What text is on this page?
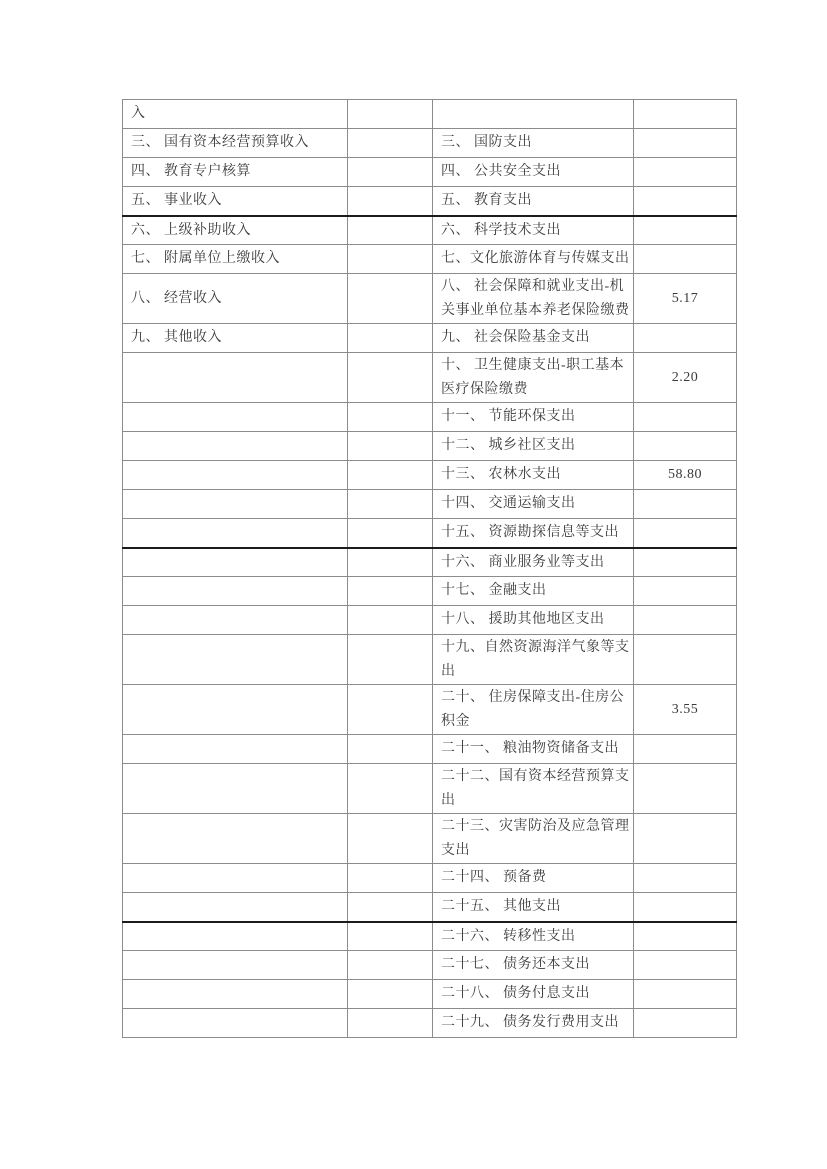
入			
三、 国有资本经营预算收入		三、 国防支出	
四、 教育专户核算		四、 公共安全支出	
五、 事业收入		五、 教育支出	
六、 上级补助收入		六、 科学技术支出	
七、 附属单位上缴收入		七、文化旅游体育与传媒支出	
八、 经营收入		八、 社会保障和就业支出-机关事业单位基本养老保险缴费	5.17
九、 其他收入		九、 社会保险基金支出	
		十、 卫生健康支出-职工基本医疗保险缴费	2.20
		十一、 节能环保支出	
		十二、 城乡社区支出	
		十三、 农林水支出	58.80
		十四、 交通运输支出	
		十五、 资源勘探信息等支出	
		十六、 商业服务业等支出	
		十七、 金融支出	
		十八、 援助其他地区支出	
		十九、自然资源海洋气象等支出	
		二十、 住房保障支出-住房公积金	3.55
		二十一、 粮油物资储备支出	
		二十二、国有资本经营预算支出	
		二十三、灾害防治及应急管理支出	
		二十四、 预备费	
		二十五、 其他支出	
		二十六、 转移性支出	
		二十七、 债务还本支出	
		二十八、 债务付息支出	
		二十九、 债务发行费用支出	
